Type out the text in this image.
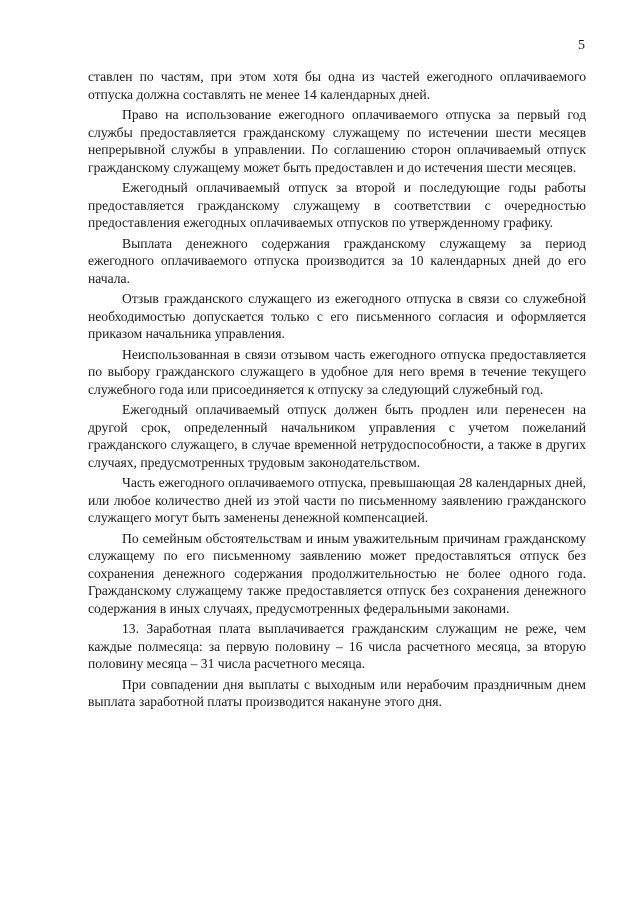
5

ставлен по частям, при этом хотя бы одна из частей ежегодного оплачиваемого отпуска должна составлять не менее 14 календарных дней.

Право на использование ежегодного оплачиваемого отпуска за первый год службы предоставляется гражданскому служащему по истечении шести месяцев непрерывной службы в управлении. По соглашению сторон оплачиваемый отпуск гражданскому служащему может быть предоставлен и до истечения шести месяцев.

Ежегодный оплачиваемый отпуск за второй и последующие годы работы предоставляется гражданскому служащему в соответствии с очередностью предоставления ежегодных оплачиваемых отпусков по утвержденному графику.

Выплата денежного содержания гражданскому служащему за период ежегодного оплачиваемого отпуска производится за 10 календарных дней до его начала.

Отзыв гражданского служащего из ежегодного отпуска в связи со служебной необходимостью допускается только с его письменного согласия и оформляется приказом начальника управления.

Неиспользованная в связи отзывом часть ежегодного отпуска предоставляется по выбору гражданского служащего в удобное для него время в течение текущего служебного года или присоединяется к отпуску за следующий служебный год.

Ежегодный оплачиваемый отпуск должен быть продлен или перенесен на другой срок, определенный начальником управления с учетом пожеланий гражданского служащего, в случае временной нетрудоспособности, а также в других случаях, предусмотренных трудовым законодательством.

Часть ежегодного оплачиваемого отпуска, превышающая 28 календарных дней, или любое количество дней из этой части по письменному заявлению гражданского служащего могут быть заменены денежной компенсацией.

По семейным обстоятельствам и иным уважительным причинам гражданскому служащему по его письменному заявлению может предоставляться отпуск без сохранения денежного содержания продолжительностью не более одного года. Гражданскому служащему также предоставляется отпуск без сохранения денежного содержания в иных случаях, предусмотренных федеральными законами.

13. Заработная плата выплачивается гражданским служащим не реже, чем каждые полмесяца: за первую половину – 16 числа расчетного месяца, за вторую половину месяца – 31 числа расчетного месяца.

При совпадении дня выплаты с выходным или нерабочим праздничным днем выплата заработной платы производится накануне этого дня.
